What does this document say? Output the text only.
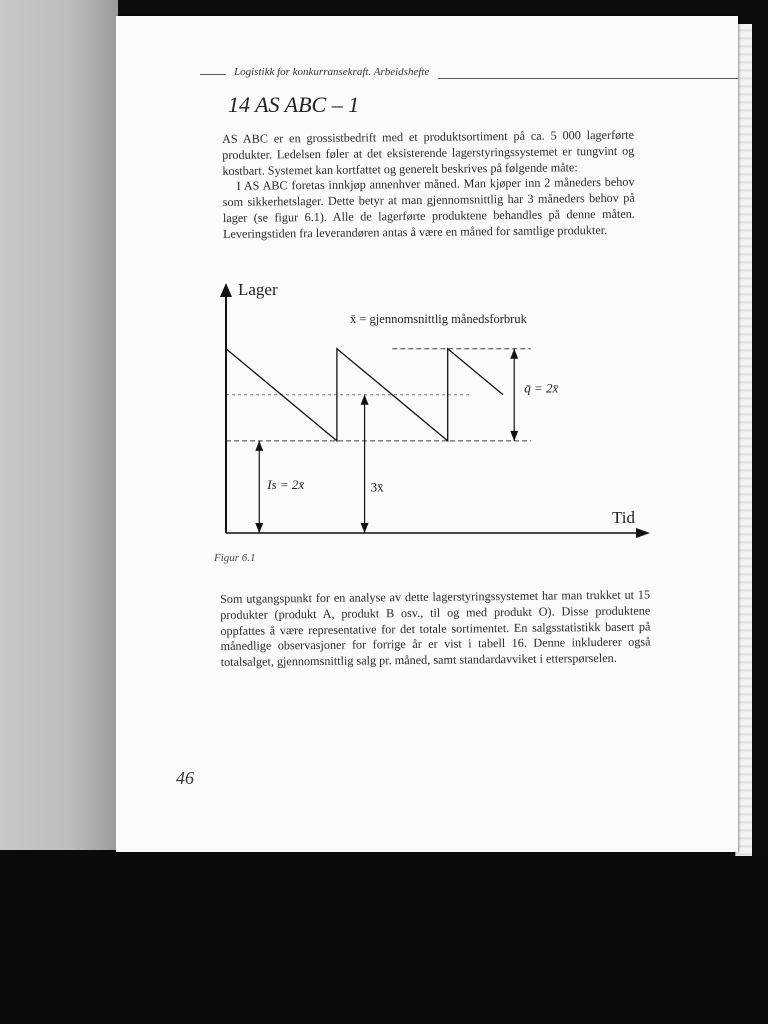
Logistikk for konkurransekraft. Arbeidshefte
14 AS ABC – 1

AS ABC er en grossistbedrift med et produktsortiment på ca. 5 000 lagerførte produkter. Ledelsen føler at det eksisterende lagerstyringssystemet er tungvint og kostbart. Systemet kan kortfattet og generelt beskrives på følgende måte:

I AS ABC foretas innkjøp annenhver måned. Man kjøper inn 2 måneders behov som sikkerhetslager. Dette betyr at man gjennomsnittlig har 3 måneders behov på lager (se figur 6.1). Alle de lagerførte produktene behandles på denne måten. Leveringstiden fra leverandøren antas å være en måned for samtlige produkter.

Lager
Tid
x̄ = gjennomsnittlig månedsforbruk
q̄ = 2x̄
Is = 2x̄	3x̄
Figur 6.1

Som utgangspunkt for en analyse av dette lagerstyringssystemet har man trukket ut 15 produkter (produkt A, produkt B osv., til og med produkt O). Disse produktene oppfattes å være representative for det totale sortimentet. En salgsstatistikk basert på månedlige observasjoner for forrige år er vist i tabell 16. Denne inkluderer også totalsalget, gjennomsnittlig salg pr. måned, samt standardavviket i etterspørselen.

46
